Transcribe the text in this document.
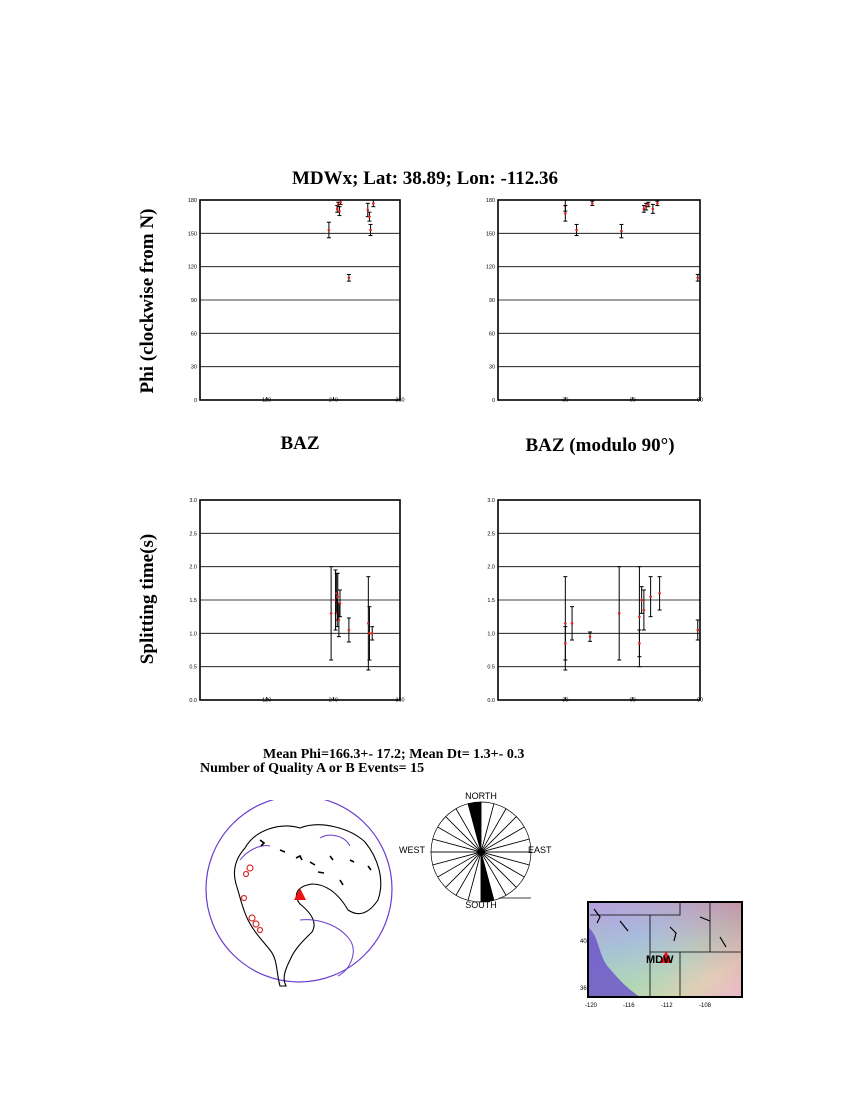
MDWx; Lat: 38.89; Lon: -112.36
30
60
90
120
150
180
0	120	240	360
30
60
90
120
150
180
0	30	60	90
0.5
1.0
1.5
2.0
2.5
3.0
0.0	120	240	360
0.5
1.0
1.5
2.0
2.5
3.0
0.0	30	60	90
Phi (clockwise from N)
Splitting time(s)
BAZ	BAZ (modulo 90°)
Mean Phi=166.3+- 17.2; Mean Dt= 1.3+- 0.3
Number of Quality A or B Events= 15
NORTH
SOUTH
EAST
WEST
MDW
40
36
-120	-116	-112	-108
